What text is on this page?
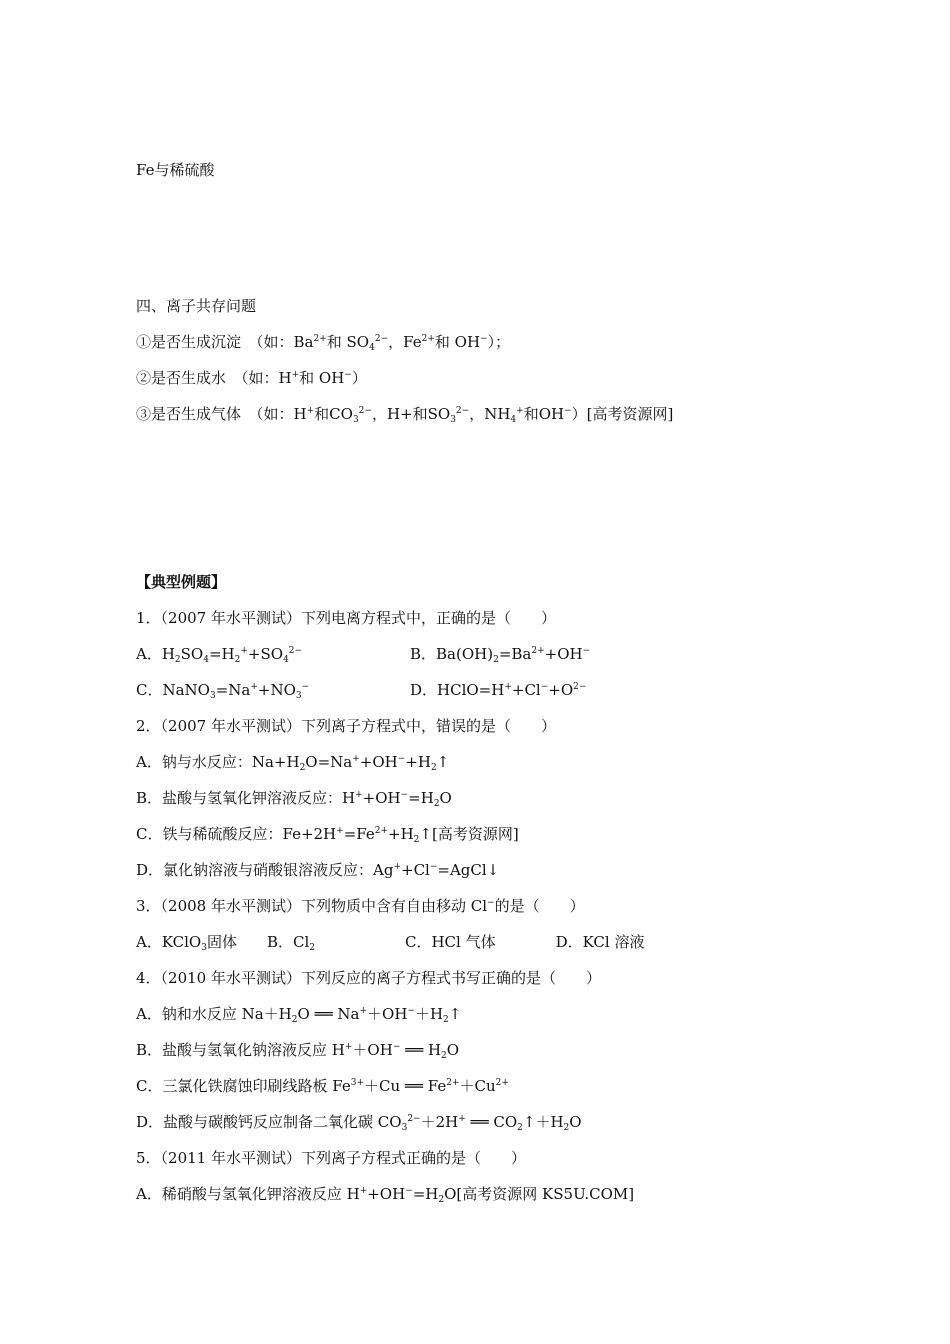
Fe与稀硫酸
四、离子共存问题
①是否生成沉淀　（如：$Ba^{2+}$和 $SO_4^{2-}$，$Fe^{2+}$和 OH−）；
②是否生成水　（如：H+和 OH−）
③是否生成气体　（如：H+和$CO_3^{2-}$，H+和$SO_3^{2-}$，$NH_4^+$和OH−）[高考资源网]
【典型例题】
1．（2007 年水平测试）下列电离方程式中，正确的是（　　）
A．$H_2SO_4=H_2^++SO_4^{2-}$	B．$Ba(OH)_2=Ba^{2+}+OH^-$
C．$NaNO_3=Na^++NO_3^-$	D．$HClO=H^++Cl^-+O^{2-}$
2．（2007 年水平测试）下列离子方程式中，错误的是（　　）
A．钠与水反应：$Na+H_2O=Na^++OH^-+H_2↑$
B．盐酸与氢氧化钾溶液反应：$H^++OH^-=H_2O$
C．铁与稀硫酸反应：$Fe+2H^+=Fe^{2+}+H_2↑$[高考资源网]
D．氯化钠溶液与硝酸银溶液反应：Ag++Cl−=AgCl↓
3．（2008 年水平测试）下列物质中含有自由移动 Cl−的是（　　）
A．KClO$_3$固体　　B．$Cl_2$　　　　　　C．HCl 气体　　　　D．KCl 溶液
4．（2010 年水平测试）下列反应的离子方程式书写正确的是（　　）
A．钠和水反应 $Na+H_2O$ ══ $Na^++OH^-+H_2↑$
B．盐酸与氢氧化钠溶液反应 H+＋OH− ══ $H_2O$
C．三氯化铁腐蚀印刷线路板 $Fe^{3+}+Cu$ ══ $Fe^{2+}+Cu^{2+}$
D．盐酸与碳酸钙反应制备二氧化碳 $CO_3^{2-}+2H^+$ ══ $CO_2↑+H_2O$
5．（2011 年水平测试）下列离子方程式正确的是（　　）
A．稀硝酸与氢氧化钾溶液反应 $H^++OH^-=H_2O$[高考资源网 KS5U.COM]
